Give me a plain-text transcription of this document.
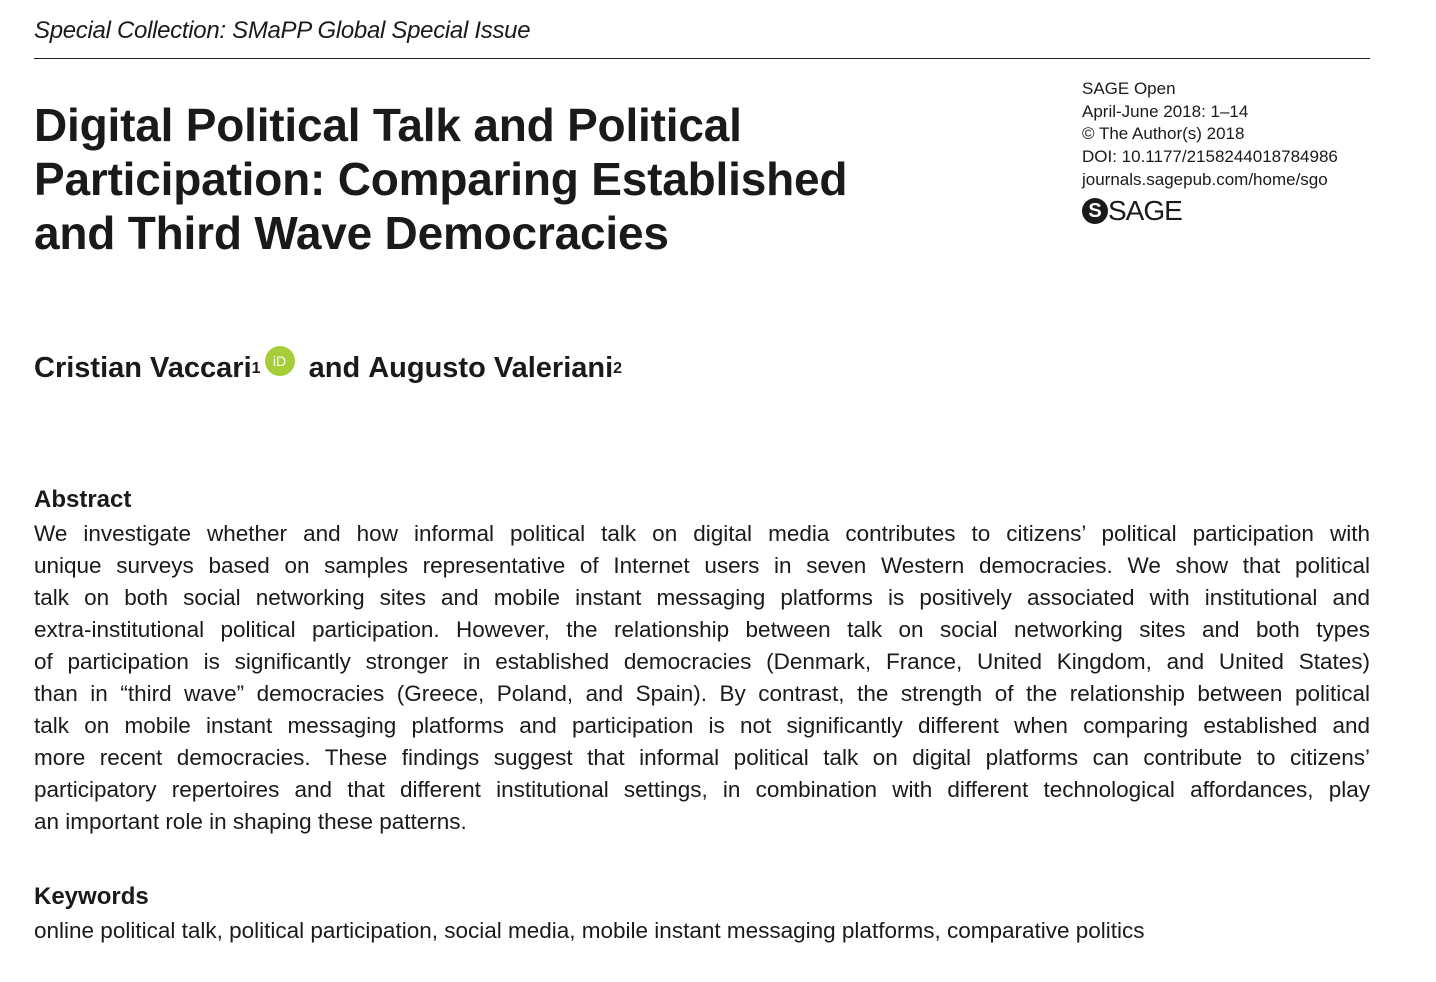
Special Collection: SMaPP Global Special Issue
Digital Political Talk and Political
Participation: Comparing Established
and Third Wave Democracies
SAGE Open
April-June 2018: 1–14
© The Author(s) 2018
DOI: 10.1177/2158244018784986
journals.sagepub.com/home/sgo
S SAGE
Cristian Vaccari$^1$ iD and Augusto Valeriani$^2$
Abstract
We investigate whether and how informal political talk on digital media contributes to citizens’ political participation with
unique surveys based on samples representative of Internet users in seven Western democracies. We show that political
talk on both social networking sites and mobile instant messaging platforms is positively associated with institutional and
extra-institutional political participation. However, the relationship between talk on social networking sites and both types
of participation is significantly stronger in established democracies (Denmark, France, United Kingdom, and United States)
than in “third wave” democracies (Greece, Poland, and Spain). By contrast, the strength of the relationship between political
talk on mobile instant messaging platforms and participation is not significantly different when comparing established and
more recent democracies. These findings suggest that informal political talk on digital platforms can contribute to citizens’
participatory repertoires and that different institutional settings, in combination with different technological affordances, play
an important role in shaping these patterns.
Keywords
online political talk, political participation, social media, mobile instant messaging platforms, comparative politics
